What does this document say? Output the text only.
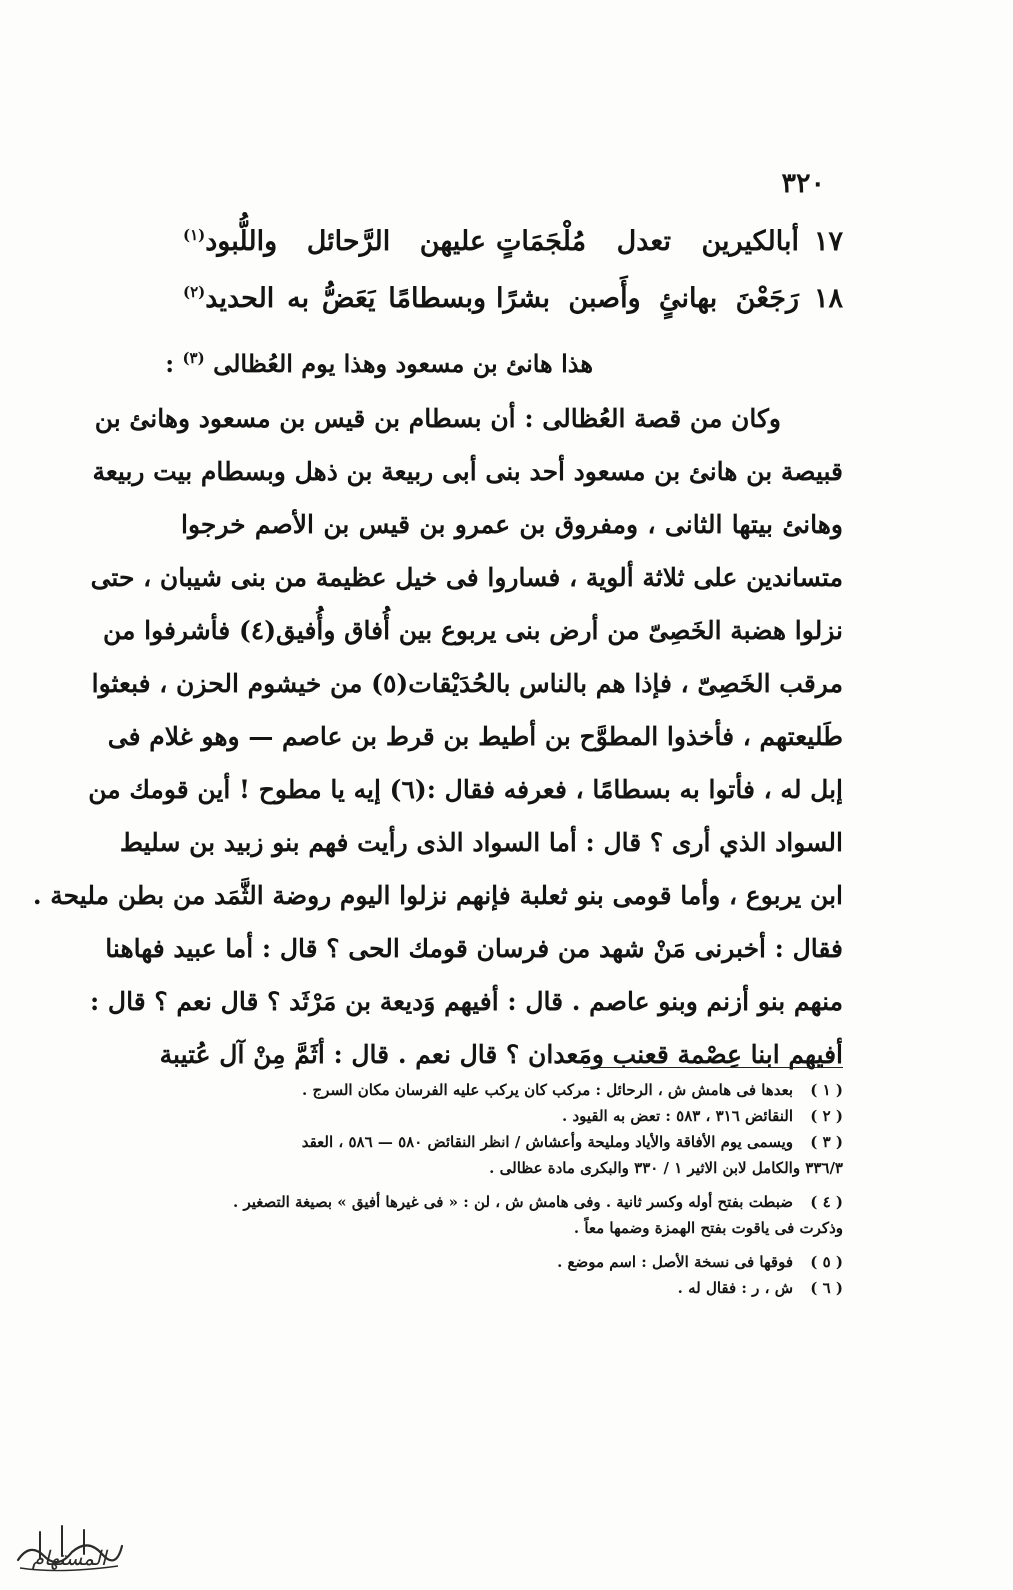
٣٢٠
١٧
أبالكيرين تعدل مُلْجَمَاتٍ
عليهن الرَّحائل واللُّبود$^{(١)}$
١٨
رَجَعْنَ بهانئٍ وأَصبن بشرًا
وبسطامًا يَعَضُّ به الحديد$^{(٢)}$
هذا هانئ بن مسعود وهذا يوم العُظالى $^{(٣)}$ :
وكان من قصة العُظالى : أن بسطام بن قيس بن مسعود وهانئ بن
قبيصة بن هانئ بن مسعود أحد بنى أبى ربيعة بن ذهل وبسطام بيت ربيعة
وهانئ بيتها الثانى ، ومفروق بن عمرو بن قيس بن الأصم خرجوا
متساندين على ثلاثة ألوية ، فساروا فى خيل عظيمة من بنى شيبان ، حتى
نزلوا هضبة الخَصِىّ من أرض بنى يربوع بين أُفاق وأُفيق(٤) فأشرفوا من
مرقب الخَصِىّ ، فإذا هم بالناس بالحُدَيْقات(٥) من خيشوم الحزن ، فبعثوا
طَليعتهم ، فأخذوا المطوَّح بن أطيط بن قرط بن عاصم — وهو غلام فى
إبل له ، فأتوا به بسطامًا ، فعرفه فقال :(٦) إيه يا مطوح ! أين قومك من
السواد الذي أرى ؟ قال : أما السواد الذى رأيت فهم بنو زبيد بن سليط
ابن يربوع ، وأما قومى بنو ثعلبة فإنهم نزلوا اليوم روضة الثَّمَد من بطن مليحة .
فقال : أخبرنى مَنْ شهد من فرسان قومك الحى ؟ قال : أما عبيد فهاهنا
منهم بنو أزنم وبنو عاصم . قال : أفيهم وَديعة بن مَرْثَد ؟ قال نعم ؟ قال :
أفيهم ابنا عِصْمة قعنب ومَعدان ؟ قال نعم . قال : أثَمَّ مِنْ آل عُتيبة
( ١ )بعدها فى هامش ش ، الرحائل : مركب كان يركب عليه الفرسان مكان السرج .
( ٢ )النقائض ٣١٦ ، ٥٨٣ : تعض به القيود .
( ٣ )ويسمى يوم الأفاقة والأياد ومليحة وأعشاش / انظر النقائض ٥٨٠ — ٥٨٦ ، العقد
٣٣٦/٣ والكامل لابن الاثير ١ / ٣٣٠ والبكرى مادة عظالى .
( ٤ )ضبطت بفتح أوله وكسر ثانية . وفى هامش ش ، لن : « فى غيرها أفيق » بصيغة التصغير .
وذكرت فى ياقوت بفتح الهمزة وضمها معاً .
( ٥ )فوقها فى نسخة الأصل : اسم موضع .
( ٦ )ش ، ر : فقال له .
المستهام
